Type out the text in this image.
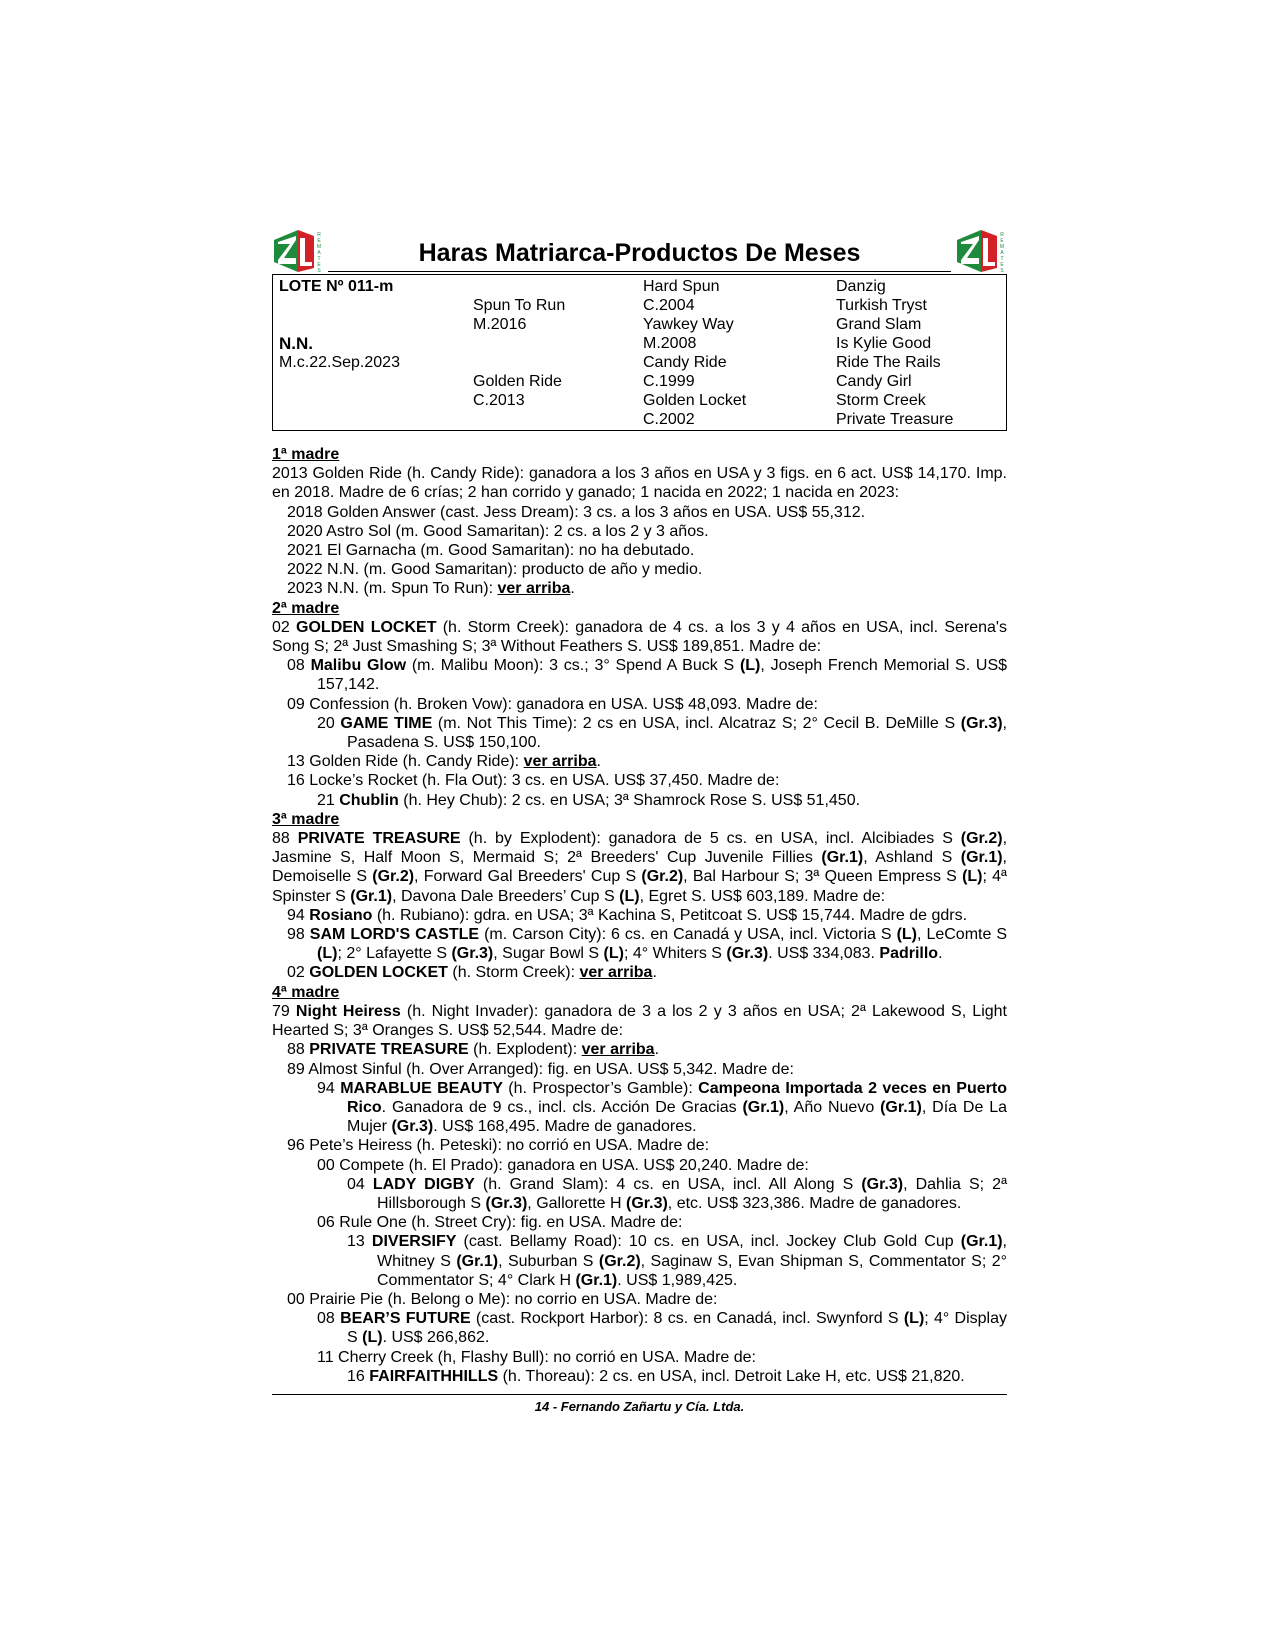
R
E
M
A
T
E
S
Haras Matriarca-Productos De Meses
R
E
M
A
T
E
S
LOTE Nº 011-m
N.N.
M.c.22.Sep.2023
Spun To Run
M.2016
Golden Ride
C.2013
Hard Spun
C.2004
Yawkey Way
M.2008
Candy Ride
C.1999
Golden Locket
C.2002
Danzig
Turkish Tryst
Grand Slam
Is Kylie Good
Ride The Rails
Candy Girl
Storm Creek
Private Treasure

1ª madre

2013 Golden Ride (h. Candy Ride): ganadora a los 3 años en USA y 3 figs. en 6 act. US$ 14,170. Imp. en 2018. Madre de 6 crías; 2 han corrido y ganado; 1 nacida en 2022; 1 nacida en 2023:

2018 Golden Answer (cast. Jess Dream): 3 cs. a los 3 años en USA. US$ 55,312.

2020 Astro Sol (m. Good Samaritan): 2 cs. a los 2 y 3 años.

2021 El Garnacha (m. Good Samaritan): no ha debutado.

2022 N.N. (m. Good Samaritan): producto de año y medio.

2023 N.N. (m. Spun To Run): ver arriba.

2ª madre

02 GOLDEN LOCKET (h. Storm Creek): ganadora de 4 cs. a los 3 y 4 años en USA, incl. Serena's Song S; 2ª Just Smashing S; 3ª Without Feathers S. US$ 189,851. Madre de:

08 Malibu Glow (m. Malibu Moon): 3 cs.; 3° Spend A Buck S (L), Joseph French Memorial S. US$ 157,142.

09 Confession (h. Broken Vow): ganadora en USA. US$ 48,093. Madre de:

20 GAME TIME (m. Not This Time): 2 cs en USA, incl. Alcatraz S; 2° Cecil B. DeMille S (Gr.3), Pasadena S. US$ 150,100.

13 Golden Ride (h. Candy Ride): ver arriba.

16 Locke’s Rocket (h. Fla Out): 3 cs. en USA. US$ 37,450. Madre de:

21 Chublin (h. Hey Chub): 2 cs. en USA; 3ª Shamrock Rose S. US$ 51,450.

3ª madre

88 PRIVATE TREASURE (h. by Explodent): ganadora de 5 cs. en USA, incl. Alcibiades S (Gr.2), Jasmine S, Half Moon S, Mermaid S; 2ª Breeders' Cup Juvenile Fillies (Gr.1), Ashland S (Gr.1), Demoiselle S (Gr.2), Forward Gal Breeders' Cup S (Gr.2), Bal Harbour S; 3ª Queen Empress S (L); 4ª Spinster S (Gr.1), Davona Dale Breeders’ Cup S (L), Egret S. US$ 603,189. Madre de:

94 Rosiano (h. Rubiano): gdra. en USA; 3ª Kachina S, Petitcoat S. US$ 15,744. Madre de gdrs.

98 SAM LORD'S CASTLE (m. Carson City): 6 cs. en Canadá y USA, incl. Victoria S (L), LeComte S (L); 2° Lafayette S (Gr.3), Sugar Bowl S (L); 4° Whiters S (Gr.3). US$ 334,083. Padrillo.

02 GOLDEN LOCKET (h. Storm Creek): ver arriba.

4ª madre

79 Night Heiress (h. Night Invader): ganadora de 3 a los 2 y 3 años en USA; 2ª Lakewood S, Light Hearted S; 3ª Oranges S. US$ 52,544. Madre de:

88 PRIVATE TREASURE (h. Explodent): ver arriba.

89 Almost Sinful (h. Over Arranged): fig. en USA. US$ 5,342. Madre de:

94 MARABLUE BEAUTY (h. Prospector’s Gamble): Campeona Importada 2 veces en Puerto Rico. Ganadora de 9 cs., incl. cls. Acción De Gracias (Gr.1), Año Nuevo (Gr.1), Día De La Mujer (Gr.3). US$ 168,495. Madre de ganadores.

96 Pete’s Heiress (h. Peteski): no corrió en USA. Madre de:

00 Compete (h. El Prado): ganadora en USA. US$ 20,240. Madre de:

04 LADY DIGBY (h. Grand Slam): 4 cs. en USA, incl. All Along S (Gr.3), Dahlia S; 2ª Hillsborough S (Gr.3), Gallorette H (Gr.3), etc. US$ 323,386. Madre de ganadores.

06 Rule One (h. Street Cry): fig. en USA. Madre de:

13 DIVERSIFY (cast. Bellamy Road): 10 cs. en USA, incl. Jockey Club Gold Cup (Gr.1), Whitney S (Gr.1), Suburban S (Gr.2), Saginaw S, Evan Shipman S, Commentator S; 2° Commentator S; 4° Clark H (Gr.1). US$ 1,989,425.

00 Prairie Pie (h. Belong o Me): no corrio en USA. Madre de:

08 BEAR’S FUTURE (cast. Rockport Harbor): 8 cs. en Canadá, incl. Swynford S (L); 4° Display S (L). US$ 266,862.

11 Cherry Creek (h, Flashy Bull): no corrió en USA. Madre de:

16 FAIRFAITHHILLS (h. Thoreau): 2 cs. en USA, incl. Detroit Lake H, etc. US$ 21,820.

14 - Fernando Zañartu y Cía. Ltda.
